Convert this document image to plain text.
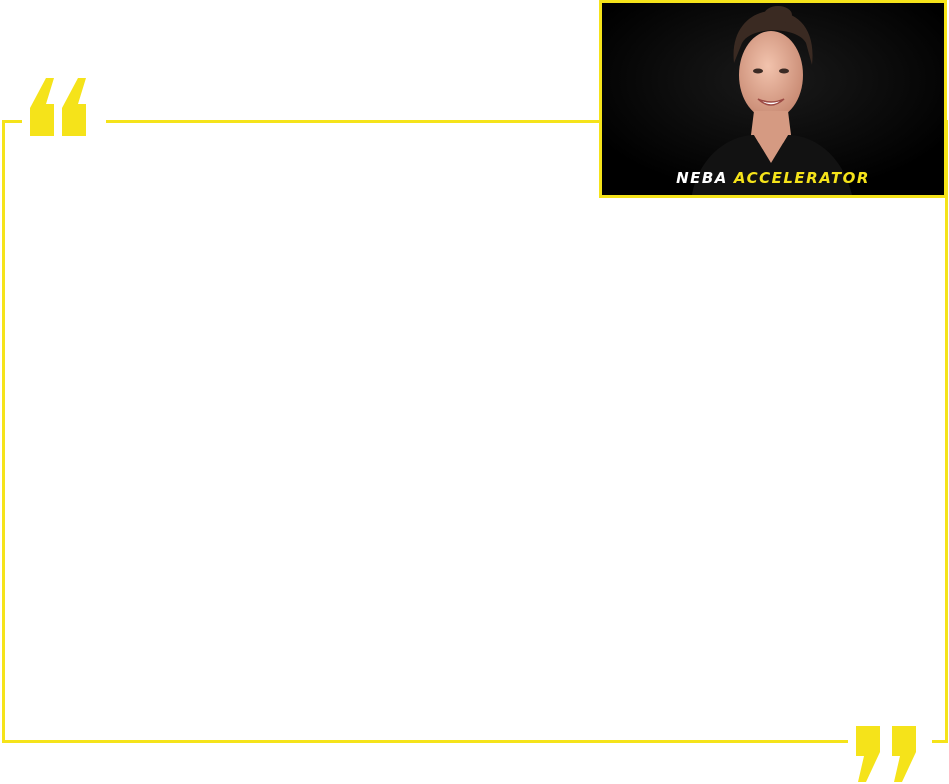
NEBA ACCELERATOR
